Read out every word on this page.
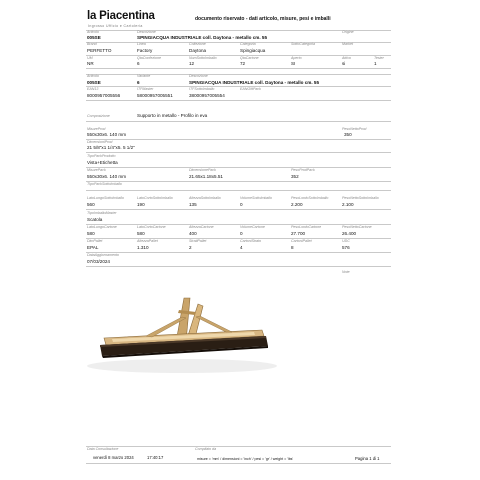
la Piacentina
Ingrosso Ufficio e Cartoleria
documento riservato - dati articolo, misure, pesi e imballi
Articolo	Descrizione	Origine
005SE	SPINGIACQUA INDUSTRIALE coll. Daytona - metallo cm. 55
Brand	Linea	Collezione	Categoria	SottoCategoria	Market
PERFETTO	Factory	Daytona	Spingiacqua
UM	QtaConfezione	NumSottoImballo	QtaCartone	Aperto	Attivo	Tester
NR	6	12	72	SI	si	1
Articolo	Variante	Descrizione
005SE	6	SPINGIACQUA INDUSTRIALE coll. Daytona - metallo cm. 55
EAN13	ITFMaster	ITFSottoImballo	EANGiftPack
8000957005556	58000957005551	38000957005554
Composizione	Supporto in metallo - Profilo in eva
MisureProd	PesoNettoProd
550x30x6. 140 mm	350
DimensioniProd
21 5/8"x1 1/4"x5. 5 1/2"
TipoPackProdotto
Vista+Etichetta
MisurePack	DimensionePack	PesoProdPack
550x30x6. 140 mm	21.65x1.18x5.51	352
TipoPackSottoImballo
LatoLungoSottoImballo	LatoCortoSottoImballo	AltezzaSottoImballo	VolumeSottoImballo	PesoLordoSottoImballo	PesoNettoSottoImballo
560	190	135	0	2.200	2.100
TipoImballoMaster
Scatola
LatoLungoCartone	LatoCortoCartone	AltezzaCartone	VolumeCartone	PesoLordoCartone	PesoNettoCartone
580	580	400	0	27.700	26.400
DimPallet	AltezzaPallet	StratiPallet	CartoniStrato	CartoniPallet	UDC
EPAL	1.310	2	4	8	576
DataAggiornamento
07/03/2024
Note
Data Consultazione	Compilato da
venerdì 8 marzo 2024	17:40:17	misure = 'mm' / dimensioni = 'inch' / pesi = 'gr' / weight = 'lbs'	Pagina 1 di 1
